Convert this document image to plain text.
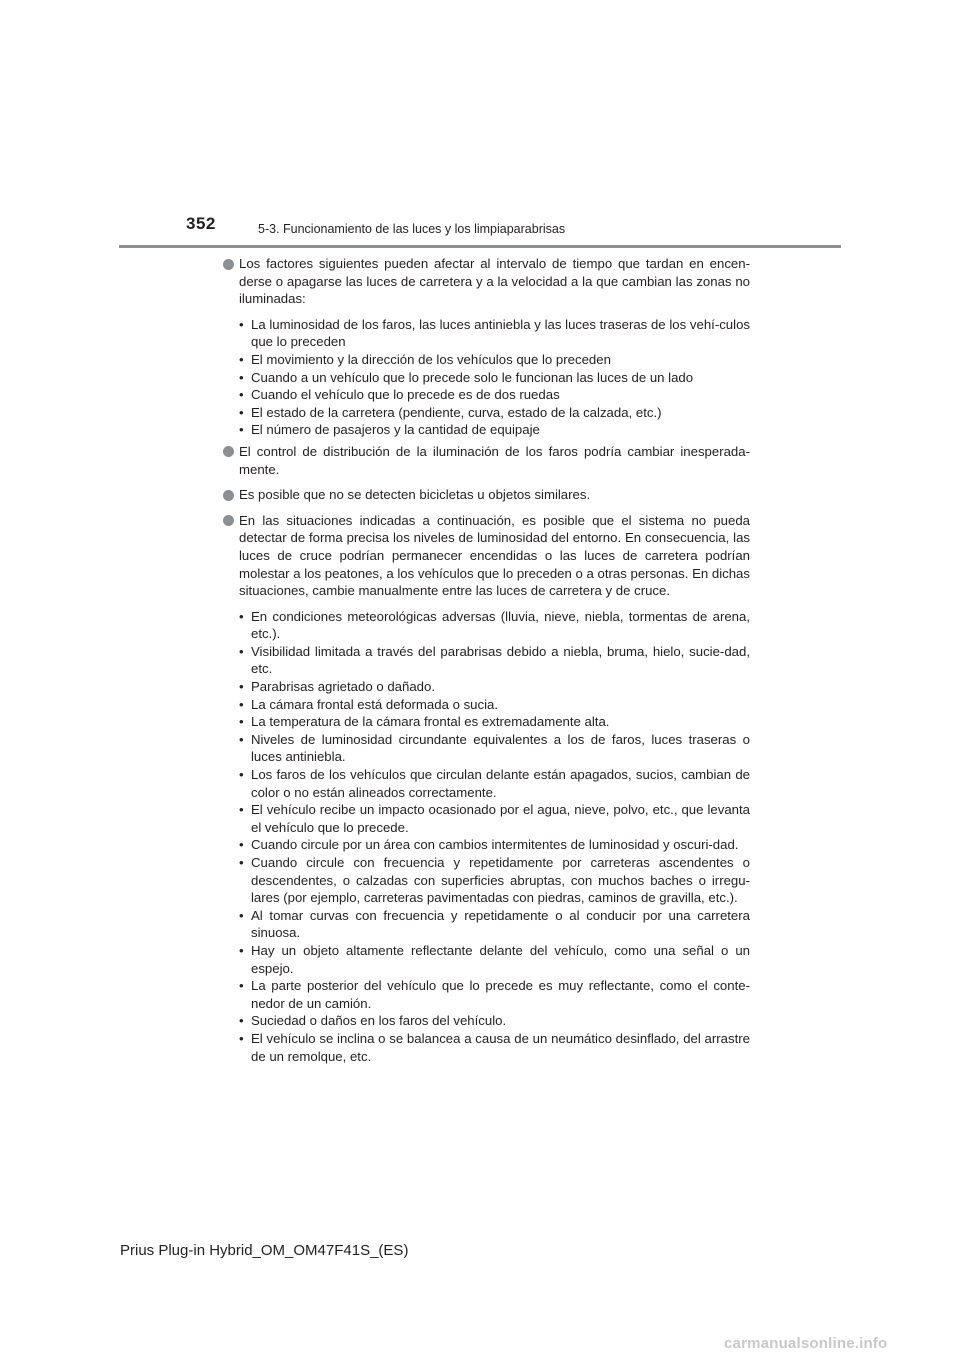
352	5-3. Funcionamiento de las luces y los limpiaparabrisas
Los factores siguientes pueden afectar al intervalo de tiempo que tardan en encen-derse o apagarse las luces de carretera y a la velocidad a la que cambian las zonas no iluminadas:
• La luminosidad de los faros, las luces antiniebla y las luces traseras de los vehí-culos que lo preceden
• El movimiento y la dirección de los vehículos que lo preceden
• Cuando a un vehículo que lo precede solo le funcionan las luces de un lado
• Cuando el vehículo que lo precede es de dos ruedas
• El estado de la carretera (pendiente, curva, estado de la calzada, etc.)
• El número de pasajeros y la cantidad de equipaje
El control de distribución de la iluminación de los faros podría cambiar inesperada-mente.
Es posible que no se detecten bicicletas u objetos similares.
En las situaciones indicadas a continuación, es posible que el sistema no pueda detectar de forma precisa los niveles de luminosidad del entorno. En consecuencia, las luces de cruce podrían permanecer encendidas o las luces de carretera podrían molestar a los peatones, a los vehículos que lo preceden o a otras personas. En dichas situaciones, cambie manualmente entre las luces de carretera y de cruce.
• En condiciones meteorológicas adversas (lluvia, nieve, niebla, tormentas de arena, etc.).
• Visibilidad limitada a través del parabrisas debido a niebla, bruma, hielo, sucie-dad, etc.
• Parabrisas agrietado o dañado.
• La cámara frontal está deformada o sucia.
• La temperatura de la cámara frontal es extremadamente alta.
• Niveles de luminosidad circundante equivalentes a los de faros, luces traseras o luces antiniebla.
• Los faros de los vehículos que circulan delante están apagados, sucios, cambian de color o no están alineados correctamente.
• El vehículo recibe un impacto ocasionado por el agua, nieve, polvo, etc., que levanta el vehículo que lo precede.
• Cuando circule por un área con cambios intermitentes de luminosidad y oscuri-dad.
• Cuando circule con frecuencia y repetidamente por carreteras ascendentes o descendentes, o calzadas con superficies abruptas, con muchos baches o irregu-lares (por ejemplo, carreteras pavimentadas con piedras, caminos de gravilla, etc.).
• Al tomar curvas con frecuencia y repetidamente o al conducir por una carretera sinuosa.
• Hay un objeto altamente reflectante delante del vehículo, como una señal o un espejo.
• La parte posterior del vehículo que lo precede es muy reflectante, como el conte-nedor de un camión.
• Suciedad o daños en los faros del vehículo.
• El vehículo se inclina o se balancea a causa de un neumático desinflado, del arrastre de un remolque, etc.
Prius Plug-in Hybrid_OM_OM47F41S_(ES)
carmanualsonline.info
